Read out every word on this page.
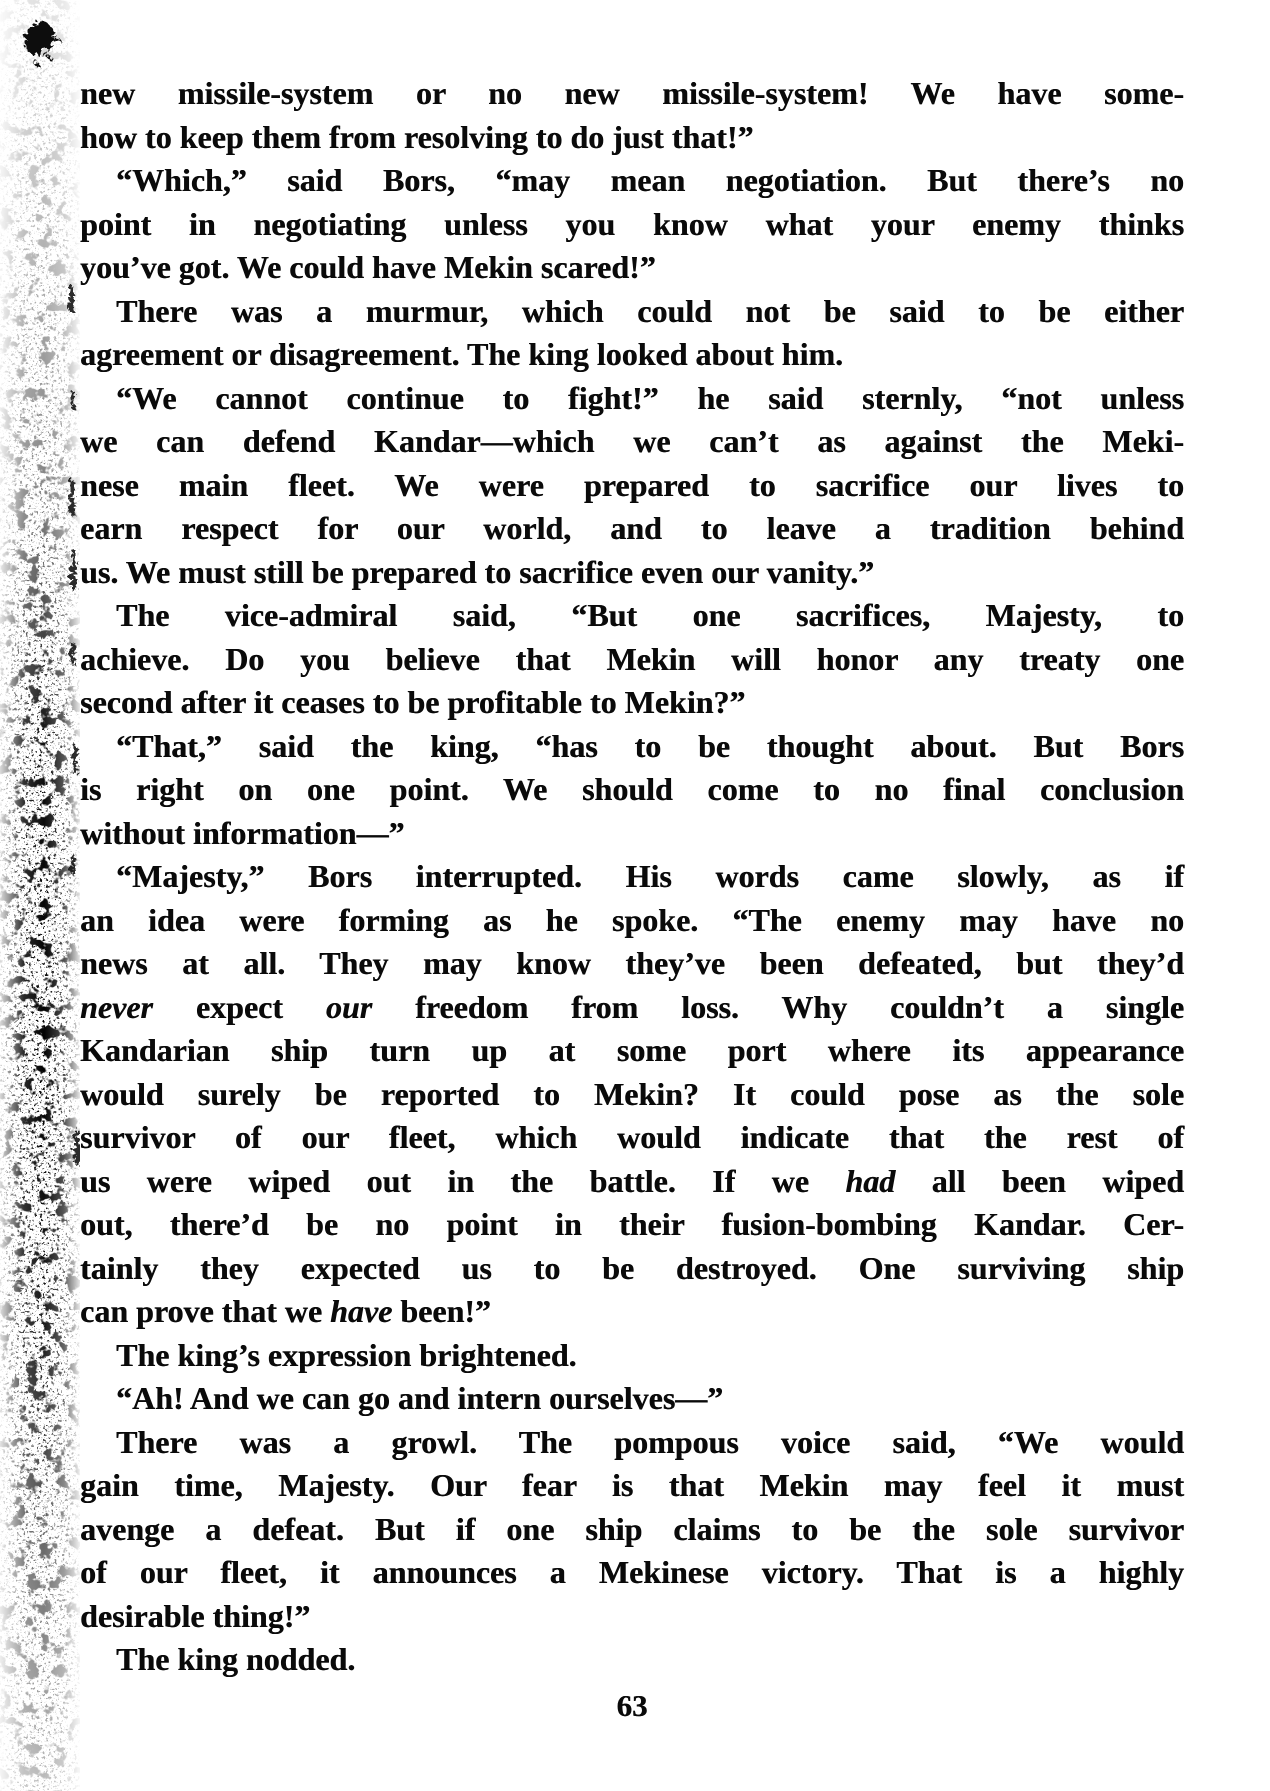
new missile-system or no new missile-system! We have some-
how to keep them from resolving to do just that!”
“Which,” said Bors, “may mean negotiation. But there’s no
point in negotiating unless you know what your enemy thinks
you’ve got. We could have Mekin scared!”
There was a murmur, which could not be said to be either
agreement or disagreement. The king looked about him.
“We cannot continue to fight!” he said sternly, “not unless
we can defend Kandar—which we can’t as against the Meki-
nese main fleet. We were prepared to sacrifice our lives to
earn respect for our world, and to leave a tradition behind
us. We must still be prepared to sacrifice even our vanity.”
The vice-admiral said, “But one sacrifices, Majesty, to
achieve. Do you believe that Mekin will honor any treaty one
second after it ceases to be profitable to Mekin?”
“That,” said the king, “has to be thought about. But Bors
is right on one point. We should come to no final conclusion
without information—”
“Majesty,” Bors interrupted. His words came slowly, as if
an idea were forming as he spoke. “The enemy may have no
news at all. They may know they’ve been defeated, but they’d
never expect our freedom from loss. Why couldn’t a single
Kandarian ship turn up at some port where its appearance
would surely be reported to Mekin? It could pose as the sole
survivor of our fleet, which would indicate that the rest of
us were wiped out in the battle. If we had all been wiped
out, there’d be no point in their fusion-bombing Kandar. Cer-
tainly they expected us to be destroyed. One surviving ship
can prove that we have been!”
The king’s expression brightened.
“Ah! And we can go and intern ourselves—”
There was a growl. The pompous voice said, “We would
gain time, Majesty. Our fear is that Mekin may feel it must
avenge a defeat. But if one ship claims to be the sole survivor
of our fleet, it announces a Mekinese victory. That is a highly
desirable thing!”
The king nodded.
63
